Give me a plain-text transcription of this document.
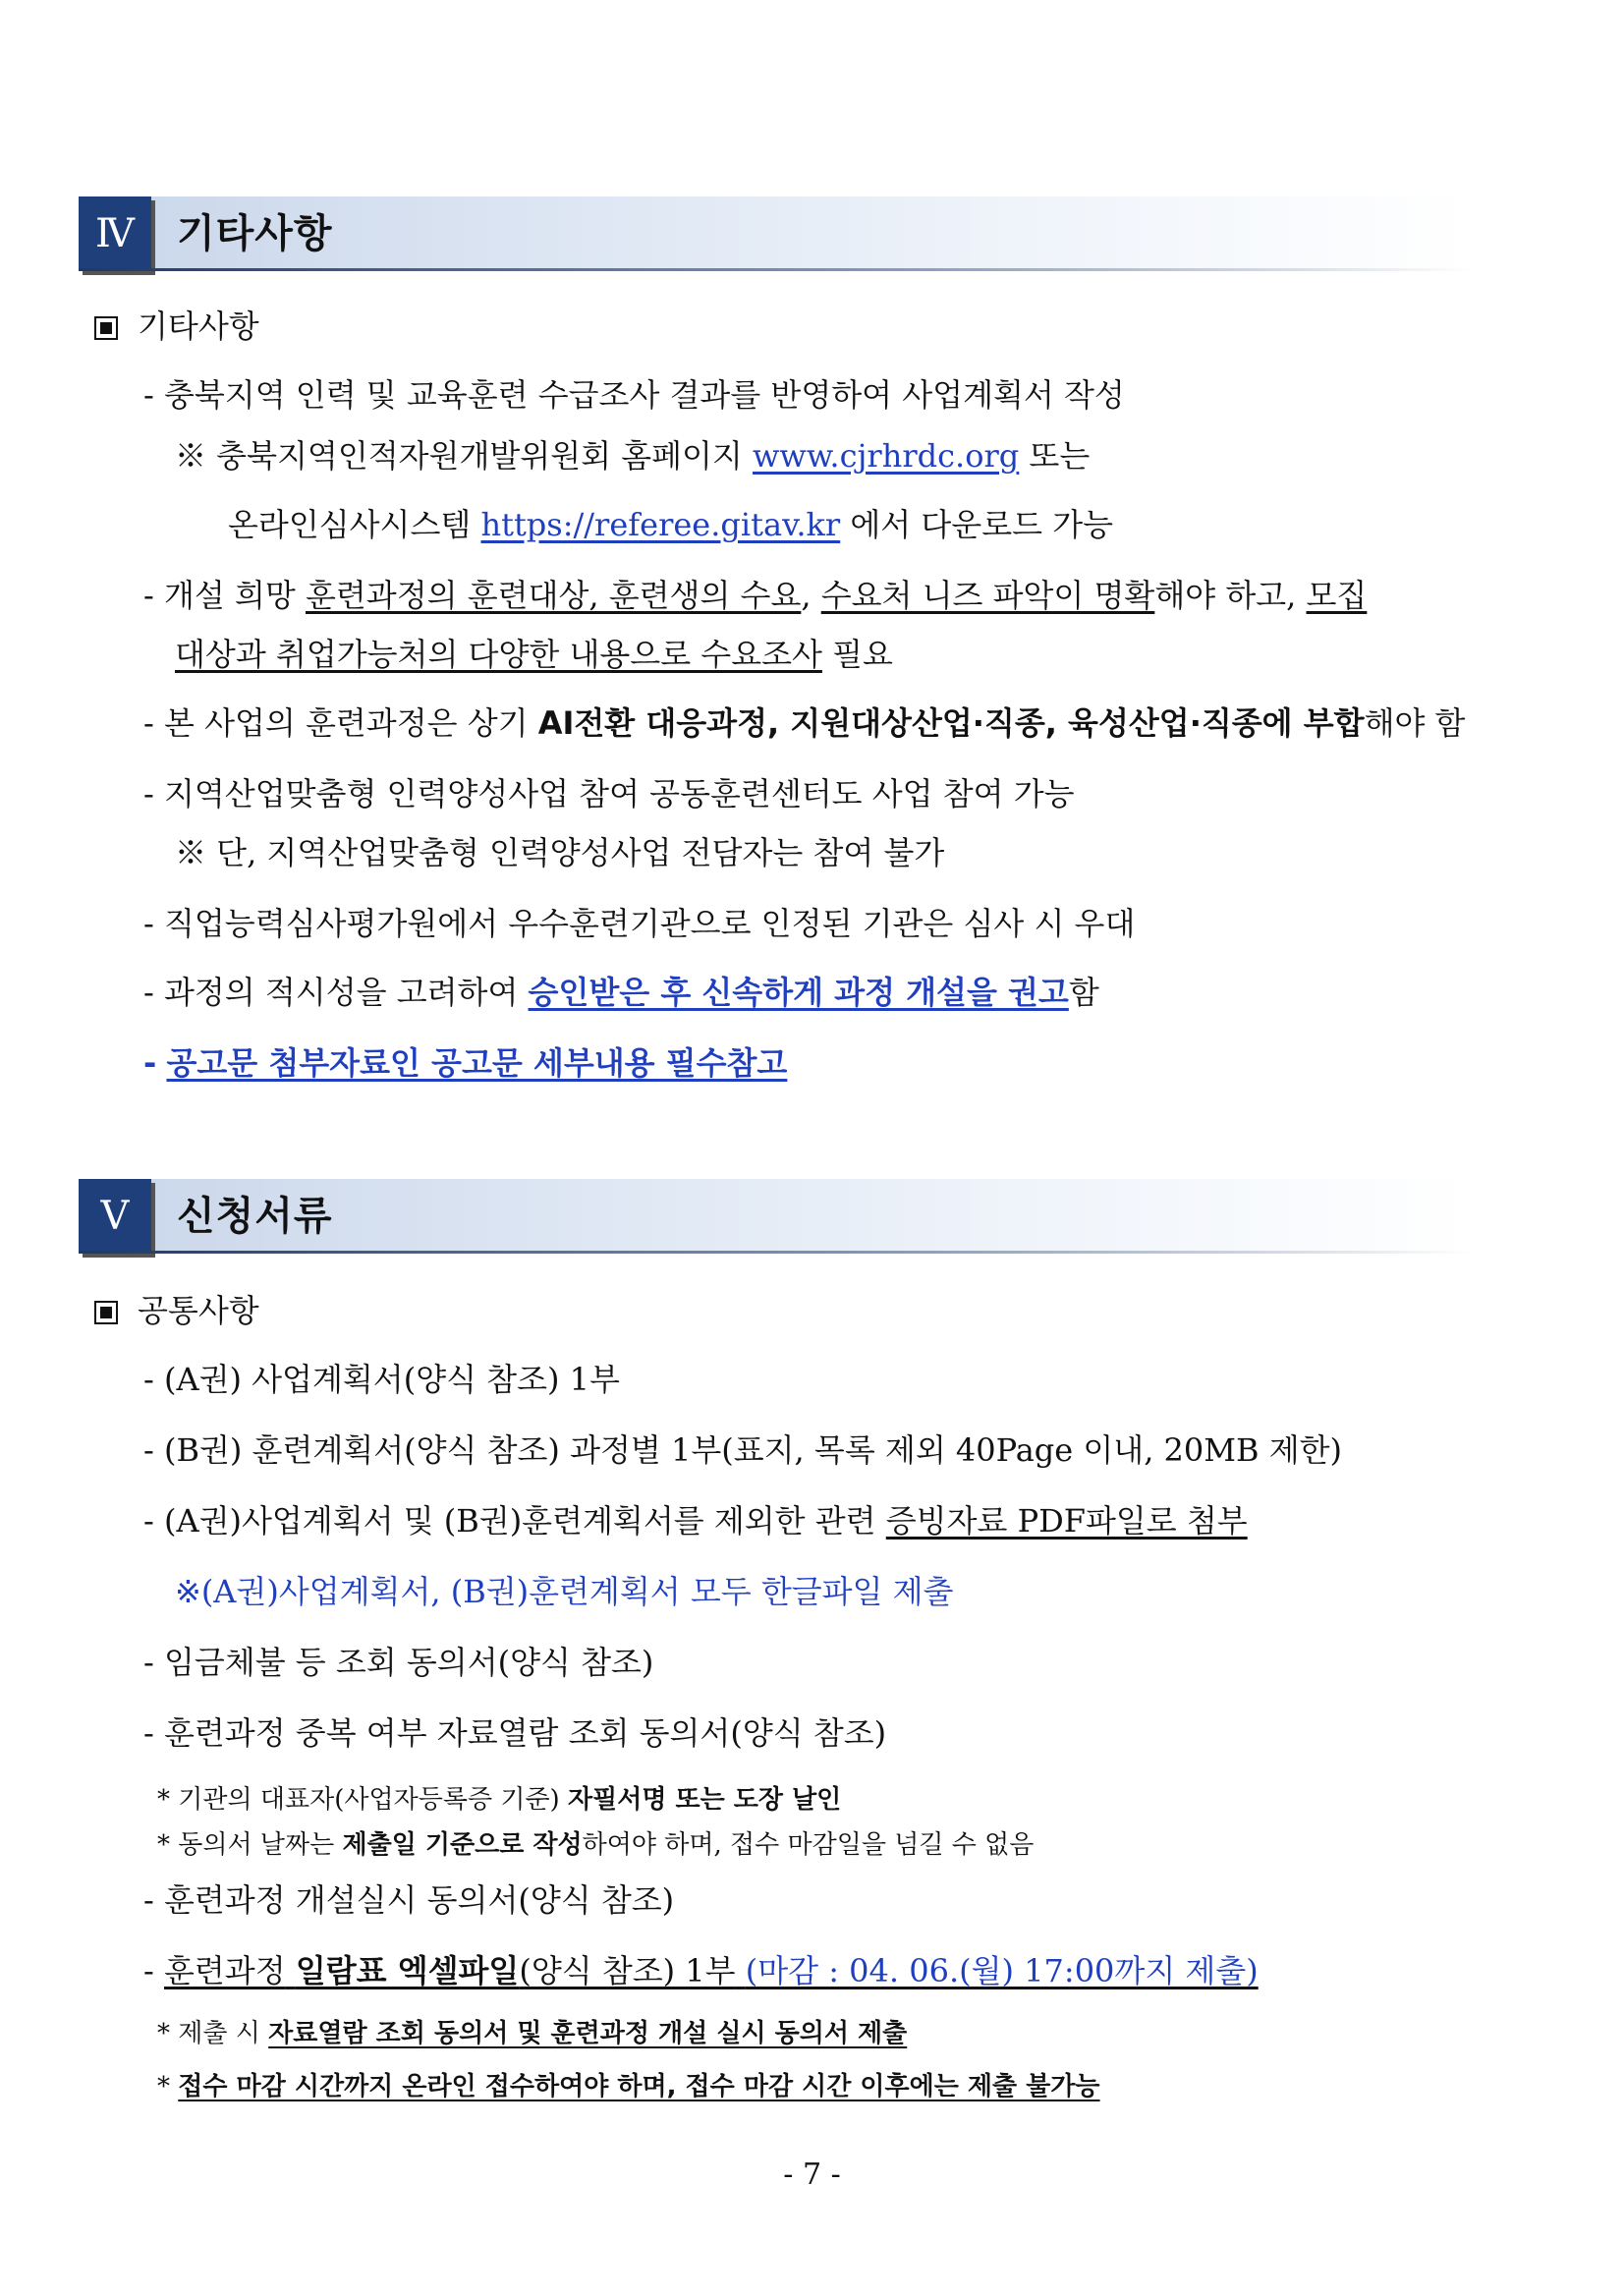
Ⅳ	기타사항
기타사항
- 충북지역 인력 및 교육훈련 수급조사 결과를 반영하여 사업계획서 작성
※ 충북지역인적자원개발위원회 홈페이지 www.cjrhrdc.org 또는
온라인심사시스템 https://referee.gitav.kr 에서 다운로드 가능
- 개설 희망 훈련과정의 훈련대상, 훈련생의 수요, 수요처 니즈 파악이 명확해야 하고, 모집
대상과 취업가능처의 다양한 내용으로 수요조사 필요
- 본 사업의 훈련과정은 상기 AI전환 대응과정, 지원대상산업·직종, 육성산업·직종에 부합해야 함
- 지역산업맞춤형 인력양성사업 참여 공동훈련센터도 사업 참여 가능
※ 단, 지역산업맞춤형 인력양성사업 전담자는 참여 불가
- 직업능력심사평가원에서 우수훈련기관으로 인정된 기관은 심사 시 우대
- 과정의 적시성을 고려하여 승인받은 후 신속하게 과정 개설을 권고함
- 공고문 첨부자료인 공고문 세부내용 필수참고
Ⅴ	신청서류
공통사항
- (A권) 사업계획서(양식 참조) 1부
- (B권) 훈련계획서(양식 참조) 과정별 1부(표지, 목록 제외 40Page 이내, 20MB 제한)
- (A권)사업계획서 및 (B권)훈련계획서를 제외한 관련 증빙자료 PDF파일로 첨부
※(A권)사업계획서, (B권)훈련계획서 모두 한글파일 제출
- 임금체불 등 조회 동의서(양식 참조)
- 훈련과정 중복 여부 자료열람 조회 동의서(양식 참조)
* 기관의 대표자(사업자등록증 기준) 자필서명 또는 도장 날인
* 동의서 날짜는 제출일 기준으로 작성하여야 하며, 접수 마감일을 넘길 수 없음
- 훈련과정 개설실시 동의서(양식 참조)
- 훈련과정 일람표 엑셀파일(양식 참조) 1부 (마감 : 04. 06.(월) 17:00까지 제출)
* 제출 시 자료열람 조회 동의서 및 훈련과정 개설 실시 동의서 제출
* 접수 마감 시간까지 온라인 접수하여야 하며, 접수 마감 시간 이후에는 제출 불가능
- 7 -
